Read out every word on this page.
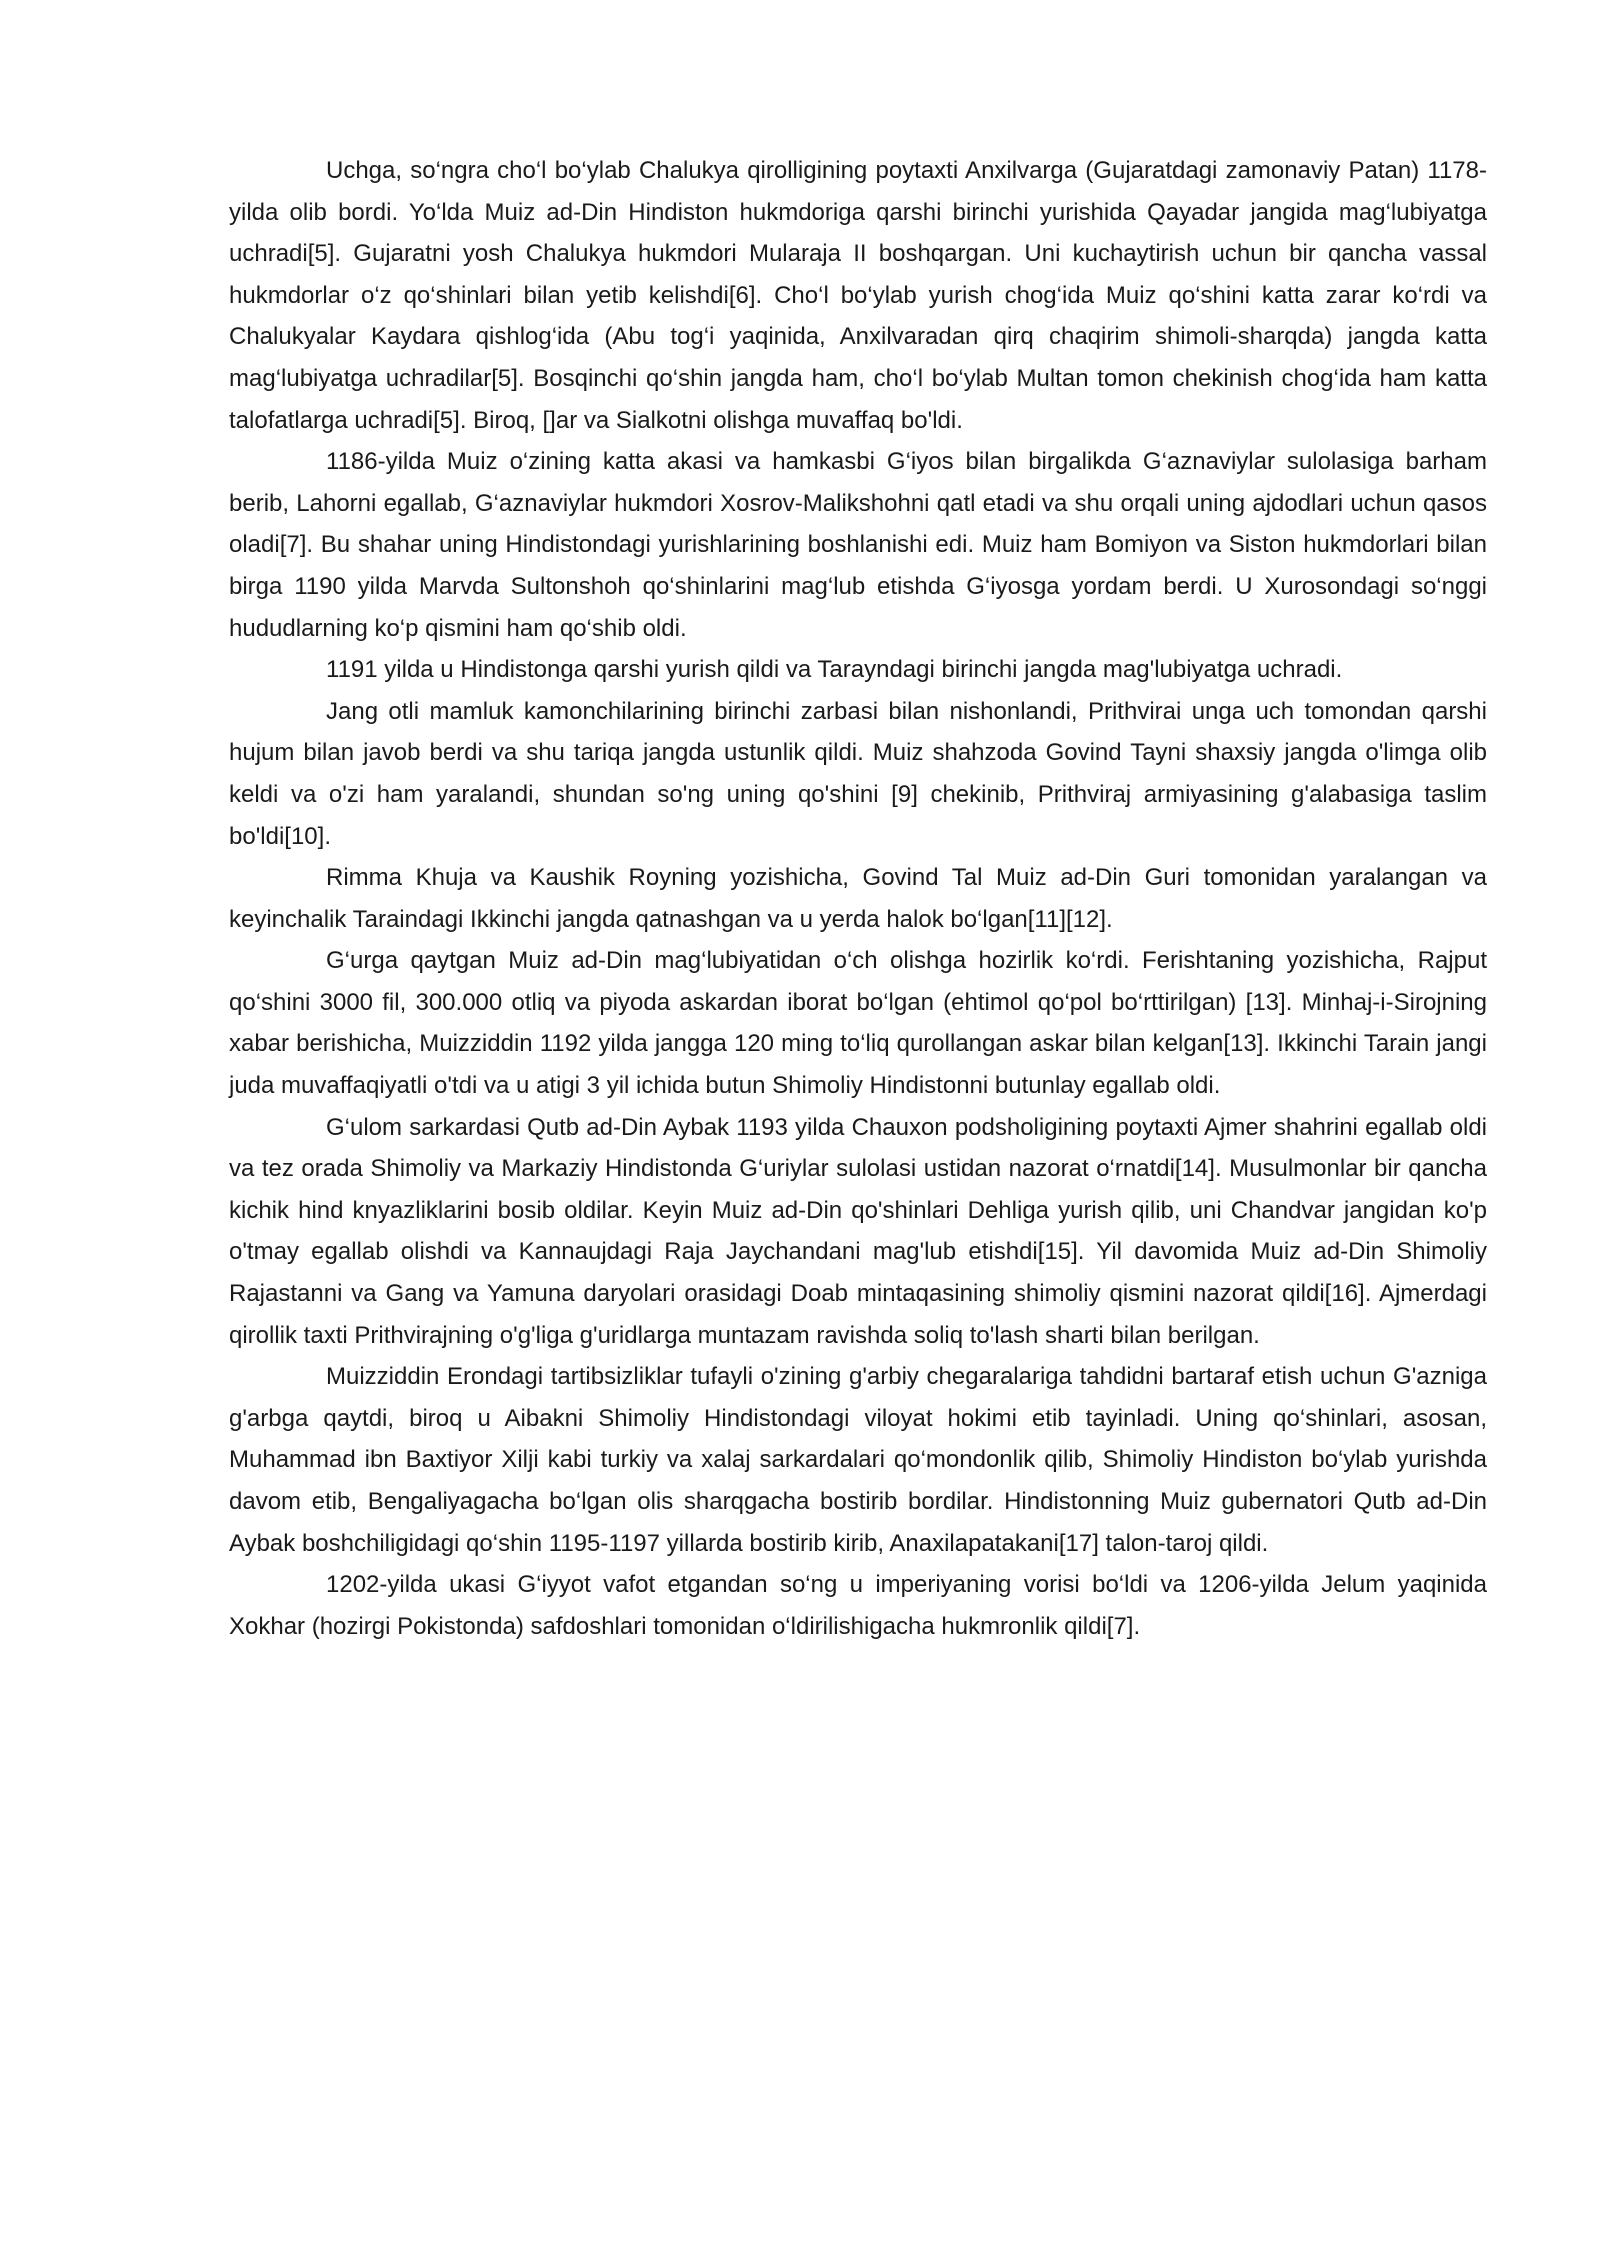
Uchga, so‘ngra cho‘l bo‘ylab Chalukya qirolligining poytaxti Anxilvarga (Gujaratdagi zamonaviy Patan) 1178-yilda olib bordi. Yo‘lda Muiz ad-Din Hindiston hukmdoriga qarshi birinchi yurishida Qayadar jangida mag‘lubiyatga uchradi[5]. Gujaratni yosh Chalukya hukmdori Mularaja II boshqargan. Uni kuchaytirish uchun bir qancha vassal hukmdorlar o‘z qo‘shinlari bilan yetib kelishdi[6]. Cho‘l bo‘ylab yurish chog‘ida Muiz qo‘shini katta zarar ko‘rdi va Chalukyalar Kaydara qishlog‘ida (Abu tog‘i yaqinida, Anxilvaradan qirq chaqirim shimoli-sharqda) jangda katta mag‘lubiyatga uchradilar[5]. Bosqinchi qo‘shin jangda ham, cho‘l bo‘ylab Multan tomon chekinish chog‘ida ham katta talofatlarga uchradi[5]. Biroq, []ar va Sialkotni olishga muvaffaq bo'ldi.

1186-yilda Muiz o‘zining katta akasi va hamkasbi G‘iyos bilan birgalikda G‘aznaviylar sulolasiga barham berib, Lahorni egallab, G‘aznaviylar hukmdori Xosrov-Malikshohni qatl etadi va shu orqali uning ajdodlari uchun qasos oladi[7]. Bu shahar uning Hindistondagi yurishlarining boshlanishi edi. Muiz ham Bomiyon va Siston hukmdorlari bilan birga 1190 yilda Marvda Sultonshoh qo‘shinlarini mag‘lub etishda G‘iyosga yordam berdi. U Xurosondagi so‘nggi hududlarning ko‘p qismini ham qo‘shib oldi.

1191 yilda u Hindistonga qarshi yurish qildi va Tarayndagi birinchi jangda mag'lubiyatga uchradi.

Jang otli mamluk kamonchilarining birinchi zarbasi bilan nishonlandi, Prithvirai unga uch tomondan qarshi hujum bilan javob berdi va shu tariqa jangda ustunlik qildi. Muiz shahzoda Govind Tayni shaxsiy jangda o'limga olib keldi va o'zi ham yaralandi, shundan so'ng uning qo'shini [9] chekinib, Prithviraj armiyasining g'alabasiga taslim bo'ldi[10].

Rimma Khuja va Kaushik Royning yozishicha, Govind Tal Muiz ad-Din Guri tomonidan yaralangan va keyinchalik Taraindagi Ikkinchi jangda qatnashgan va u yerda halok bo‘lgan[11][12].

G‘urga qaytgan Muiz ad-Din mag‘lubiyatidan o‘ch olishga hozirlik ko‘rdi. Ferishtaning yozishicha, Rajput qo‘shini 3000 fil, 300.000 otliq va piyoda askardan iborat bo‘lgan (ehtimol qo‘pol bo‘rttirilgan) [13]. Minhaj-i-Sirojning xabar berishicha, Muizziddin 1192 yilda jangga 120 ming to‘liq qurollangan askar bilan kelgan[13]. Ikkinchi Tarain jangi juda muvaffaqiyatli o'tdi va u atigi 3 yil ichida butun Shimoliy Hindistonni butunlay egallab oldi.

G‘ulom sarkardasi Qutb ad-Din Aybak 1193 yilda Chauxon podsholigining poytaxti Ajmer shahrini egallab oldi va tez orada Shimoliy va Markaziy Hindistonda G‘uriylar sulolasi ustidan nazorat o‘rnatdi[14]. Musulmonlar bir qancha kichik hind knyazliklarini bosib oldilar. Keyin Muiz ad-Din qo'shinlari Dehliga yurish qilib, uni Chandvar jangidan ko'p o'tmay egallab olishdi va Kannaujdagi Raja Jaychandani mag'lub etishdi[15]. Yil davomida Muiz ad-Din Shimoliy Rajastanni va Gang va Yamuna daryolari orasidagi Doab mintaqasining shimoliy qismini nazorat qildi[16]. Ajmerdagi qirollik taxti Prithvirajning o'g'liga g'uridlarga muntazam ravishda soliq to'lash sharti bilan berilgan.

Muizziddin Erondagi tartibsizliklar tufayli o'zining g'arbiy chegaralariga tahdidni bartaraf etish uchun G'azniga g'arbga qaytdi, biroq u Aibakni Shimoliy Hindistondagi viloyat hokimi etib tayinladi. Uning qo‘shinlari, asosan, Muhammad ibn Baxtiyor Xilji kabi turkiy va xalaj sarkardalari qo‘mondonlik qilib, Shimoliy Hindiston bo‘ylab yurishda davom etib, Bengaliyagacha bo‘lgan olis sharqgacha bostirib bordilar. Hindistonning Muiz gubernatori Qutb ad-Din Aybak boshchiligidagi qo‘shin 1195-1197 yillarda bostirib kirib, Anaxilapatakani[17] talon-taroj qildi.

1202-yilda ukasi G‘iyyot vafot etgandan so‘ng u imperiyaning vorisi bo‘ldi va 1206-yilda Jelum yaqinida Xokhar (hozirgi Pokistonda) safdoshlari tomonidan o‘ldirilishigacha hukmronlik qildi[7].
